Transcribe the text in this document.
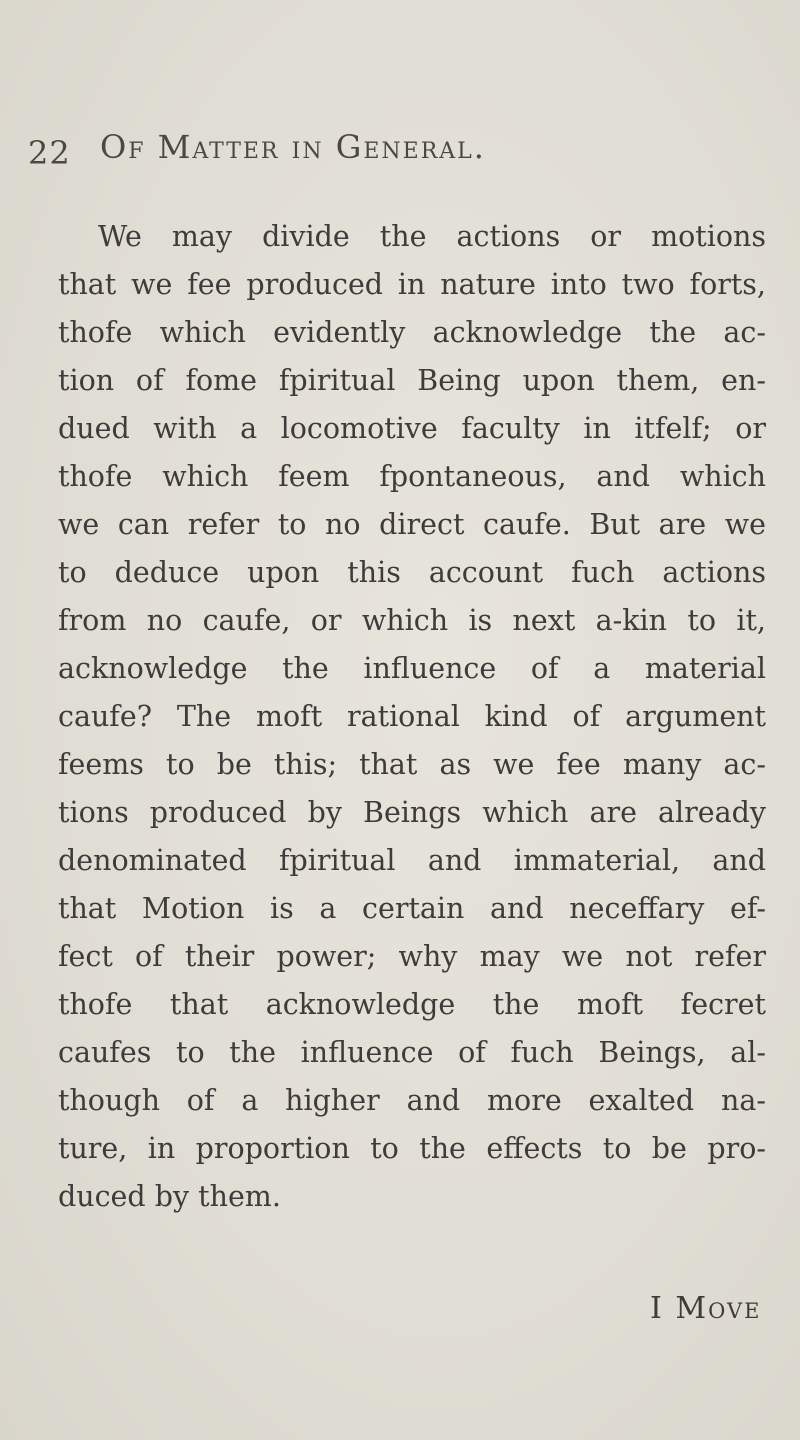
22 Of Matter in General.
We may divide the actions or motions
that we fee produced in nature into two forts,
thofe which evidently acknowledge the ac-
tion of fome fpiritual Being upon them, en-
dued with a locomotive faculty in itfelf; or
thofe which feem fpontaneous, and which
we can refer to no direct caufe. But are we
to deduce upon this account fuch actions
from no caufe, or which is next a-kin to it,
acknowledge the influence of a material
caufe? The moft rational kind of argument
feems to be this; that as we fee many ac-
tions produced by Beings which are already
denominated fpiritual and immaterial, and
that Motion is a certain and neceffary ef-
fect of their power; why may we not refer
thofe that acknowledge the moft fecret
caufes to the influence of fuch Beings, al-
though of a higher and more exalted na-
ture, in proportion to the effects to be pro-
duced by them.
I Move
